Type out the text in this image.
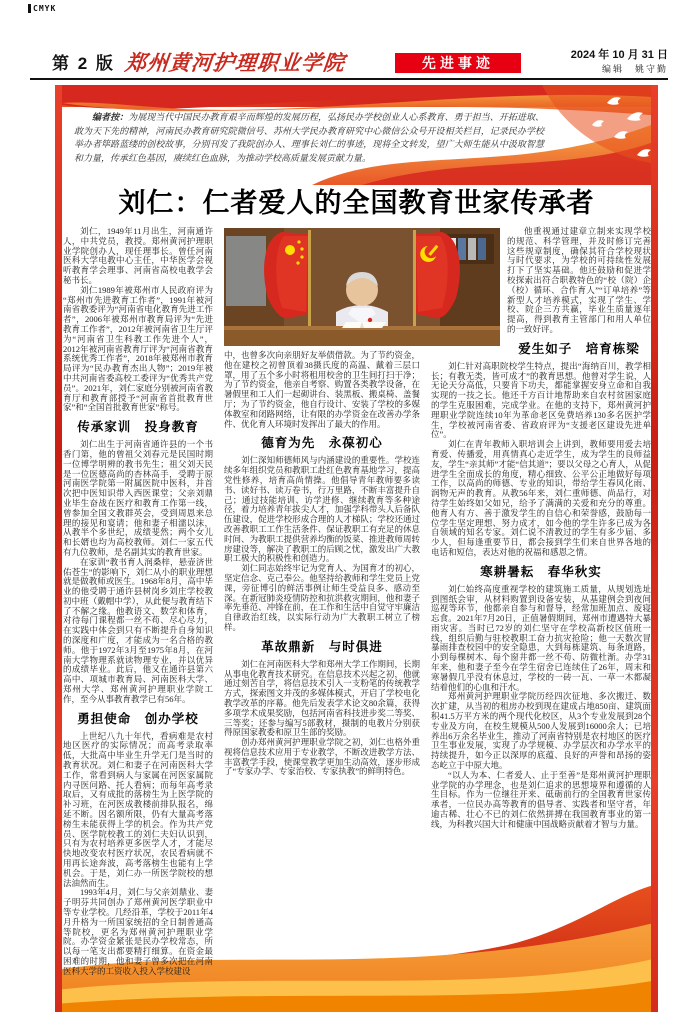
CMYK
第 2 版 郑州黄河护理职业学院	先进事迹	2024 年 10 月 31 日
编辑　姚守勤
编者按：为展现当代中国民办教育艰辛而辉煌的发展历程，弘扬民办学校创业人心系教育、勇于担当、开拓进取、敢为天下先的精神，河南民办教育研究院微信号、苏州大学民办教育研究中心微信公众号开设相关栏目，记录民办学校举办者筚路蓝缕的创校故事，分别刊发了我院创办人、理事长刘仁的事迹，现将全文转发，望广大师生能从中汲取智慧和力量，传承红色基因，赓续红色血脉，为推动学校高质量发展贡献力量。
刘仁：仁者爱人的全国教育世家传承者

刘仁，1949年11月出生，河南通许人，中共党员，教授。郑州黄河护理职业学院创办人，现任理事长。曾任河南医科大学电教中心主任，中华医学会视听教育学会理事、河南省高校电教学会秘书长。

刘仁1989年被郑州市人民政府评为“郑州市先进教育工作者”，1991年被河南省教委评为“河南省电化教育先进工作者”，2006年被郑州市教育局评为“先进教育工作者”，2012年被河南省卫生厅评为“河南省卫生科教工作先进个人”，2012年被河南省教育厅评为“河南省教育系统优秀工作者”，2018年被郑州市教育局评为“民办教育杰出人物”；2019年被中共河南省委高校工委评为“优秀共产党员”。2021年，刘仁家庭分别被河南省教育厅和教育部授予“河南省首批教育世家”和“全国首批教育世家”称号。

传承家训　投身教育

刘仁出生于河南省通许县的一个书香门第，他的曾祖父刘春元是民国时期一位博学明辨的教书先生；祖父刘天民是一位医德高尚的杏林高手，受聘于原河南医学院第一附属医院中医科，并首次把中医知识带入西医课堂；父亲刘鼎业毕生奋战在医疗和教育工作第一线，曾参加全国文教群英会，受到周恩来总理的接见和宴请；他和妻子相濡以沫，从教半个多世纪，成绩斐然；两个女儿和长婿也均为高校教师。刘仁一家五代有九位教师，是名副其实的教育世家。

在家训“教书育人润桑梓，悬壶济世佑苍生”的影响下，刘仁从小的职业理想就是做教师或医生。1968年8月，高中毕业的他受聘于通许县树岗乡刘庄学校教初中班（戴帽中学），从此便与教育结下了不解之缘。他教语文、数学和体育，对待每门课程都一丝不苟、尽心尽力，在实践中体会到只有不断提升自身知识的深度和广度，才能成为一名合格的教师。他于1972年3月至1975年8月，在河南大学物理系就读物理专业，并以优异的成绩毕业。此后，他又在通许县第六高中、项城市教育局、河南医科大学、郑州大学、郑州黄河护理职业学院工作，至今从事教育教学已有56年。

勇担使命　创办学校

上世纪八九十年代，看病难是农村地区医疗的实际情况；而高考录取率低，大批高中毕业生升学无门是当时的教育状况。刘仁和妻子在河南医科大学工作，常看到病人与家属在河医家属院内寻医问路、托人看病；而每年高考录取后，又有成批的落榜生为上医学院的补习班，在河医成教楼前排队报名，绵延不断。因名额所限，仍有大量高考落榜生未能获得上学的机会。作为共产党员、医学院校教工的刘仁夫妇认识到，只有为农村培养更多医学人才，才能尽快地改变农村医疗状况，农民看病就不用再长途奔波，高考落榜生也能有上学机会。于是，刘仁办一所医学院校的想法油然而生。

1993年4月，刘仁与父亲刘鼎业、妻子明芬共同创办了郑州黄河医学职业中等专业学校。几经沿革，学校于2011年4月升格为一所国家统招的全日制普通高等院校，更名为郑州黄河护理职业学院。办学资金紧张是民办学校常态，所以每一笔支出都要精打细算。在资金最困难的时期，他和妻子曾多次把在河南医科大学的工资收入投入学校建设

中，也曾多次向亲朋好友举债借款。为了节约资金，他在建校之初曾顶着38摄氏度的高温、戴着三层口罩，用了五个多小时将租用校舍的卫生间打扫干净；为了节约资金，他亲自考察、购置各类教学设备，在暑假里和工人们一起砌讲台、装黑板、搬桌椅、盖餐厅；为了节约资金，他自行设计、安装了学校的多媒体教室和闭路网络，让有限的办学资金在改善办学条件、优化育人环境时发挥出了最大的作用。

德育为先　永葆初心

刘仁深知师德师风与内涵建设的重要性。学校连续多年组织党员和教职工赴红色教育基地学习，提高党性修养，培育高尚情操。他倡导青年教师要多读书、读好书、读万卷书，行万里路，不断丰富提升自己；通过技能培训、访学进修、继续教育等多种途径，着力培养青年拔尖人才，加强学科带头人后备队伍建设，促进学校形成合理的人才梯队；学校还通过改善教职工工作生活条件、保证教职工有充足的休息时间、为教职工提供营养均衡的饭菜、推进教师周转房建设等，解决了教职工的后顾之忧，激发出广大教职工极大的积极性和创造力。

刘仁同志始终牢记为党育人、为国育才的初心，坚定信念、克己奉公。他坚持给教师和学生党员上党课，旁征博引的鲜活事例让师生受益良多、感动至深。在新冠肺炎疫情防控和抗洪救灾期间，他和妻子率先垂范、冲锋在前，在工作和生活中自觉守牢廉洁自律政治红线，以实际行动为广大教职工树立了榜样。

革故鼎新　与时俱进

刘仁在河南医科大学和郑州大学工作期间，长期从事电化教育技术研究。在信息技术兴起之初，他就通过刻苦自学，将信息技术引入一支粉笔的传统教学方式，探索图文并茂的多媒体模式，开启了学校电化教学改革的序幕。他先后发表学术论文80余篇，获得多项学术成果奖励，包括河南省科技进步奖二等奖、三等奖；还参与编写5部教材，摄制的电教片分别获得原国家教委和原卫生部的奖励。

创办郑州黄河护理职业学院之初，刘仁也格外重视将信息技术应用于专业教学，不断改进教学方法、丰富教学手段，使课堂教学更加生动高效，逐步形成了“专家办学、专家治校、专家执教”的鲜明特色。

他重视通过建章立制来实现学校的规范、科学管理，并及时修订完善这些规章制度，确保其符合学校现状与时代要求，为学校的可持续性发展打下了坚实基础。他还鼓励和促进学校探索出符合职教特色的“校（院）企（校）循环、合作育人”“订单培养”等新型人才培养模式，实现了学生、学校、院企三方共赢，毕业生质量逐年提高，得到教育主管部门和用人单位的一致好评。

爱生如子　培育栋梁

刘仁针对高职院校学生特点，提出“海纳百川，教学相长；有教无类，皆可成才”的教育思想。他曾对学生说，人无论天分高低，只要肯下功夫，都能掌握安身立命和自我实现的一技之长。他还千方百计地帮助来自农村贫困家庭的学生克服困难，完成学业。在他的支持下，郑州黄河护理职业学院连续10年为革命老区免费培养130多名医护学生，学校被河南省委、省政府评为“支援老区建设先进单位”。

刘仁在青年教师入职培训会上讲到，教师要用爱去培育爱、传播爱，用真情真心走近学生，成为学生的良师益友，学生“亲其师”才能“信其道”；要以父母之心育人，从促进学生全面成长的角度，精心细致、公平公正地做好每项工作，以高尚的师德、专业的知识，带给学生春风化雨、润物无声的教育。从教56年来，刘仁重师德、尚品行，对待学生始终如父如兄，给予了满满的关爱和充分的尊重。他育人有方、善于激发学生的自信心和荣誉感，鼓励每一位学生坚定理想、努力成才，如今他的学生许多已成为各自领域的知名专家。刘仁说不清教过的学生有多少届、多少人，但每逢重要节日，都会接到学生们来自世界各地的电话和短信，表达对他的祝福和感恩之情。

寒耕暑耘　春华秋实

刘仁始终高度重视学校的建筑施工质量，从规划选址到图纸会审，从材料购置到设备安装，从基建例会到夜间巡视等环节，他都亲自参与和督导，经常加班加点、废寝忘食。2021年7月20日，正值暑假期间，郑州市遭遇特大暴雨灾害。当时已72岁的刘仁坚守在学校高新校区值班一线，组织后勤与驻校教职工奋力抗灾抢险；他一天数次冒暴雨排查校园中的安全隐患，大到每栋建筑、每条道路，小到每棵树木、每个窗井都一丝不苟、防微杜渐。办学31年来，他和妻子至今在学生宿舍已连续住了26年，周末和寒暑假几乎没有休息过，学校的一砖一瓦、一草一木都凝结着他们的心血和汗水。

郑州黄河护理职业学院历经四次征地、多次搬迁、数次扩建，从当初的租房办校到现在建成占地850亩、建筑面积41.5万平方米的两个现代化校区，从3个专业发展到28个专业及方向，在校生规模从500人发展到16000余人；已培养出6万余名毕业生，推动了河南省特别是农村地区的医疗卫生事业发展，实现了办学规模、办学层次和办学水平的持续提升，如今正以深厚的底蕴、良好的声誉和昂扬的姿态屹立于中原大地。

“以人为本、仁者爱人、止于至善”是郑州黄河护理职业学院的办学理念，也是刘仁追求的思想境界和遵循的人生目标。作为一位继往开来、砥砺前行的全国教育世家传承者，一位民办高等教育的倡导者、实践者和坚守者，年逾古稀、壮心不已的刘仁依然拼搏在我国教育事业的第一线，为科教兴国大计和健康中国战略贡献着才智与力量。
